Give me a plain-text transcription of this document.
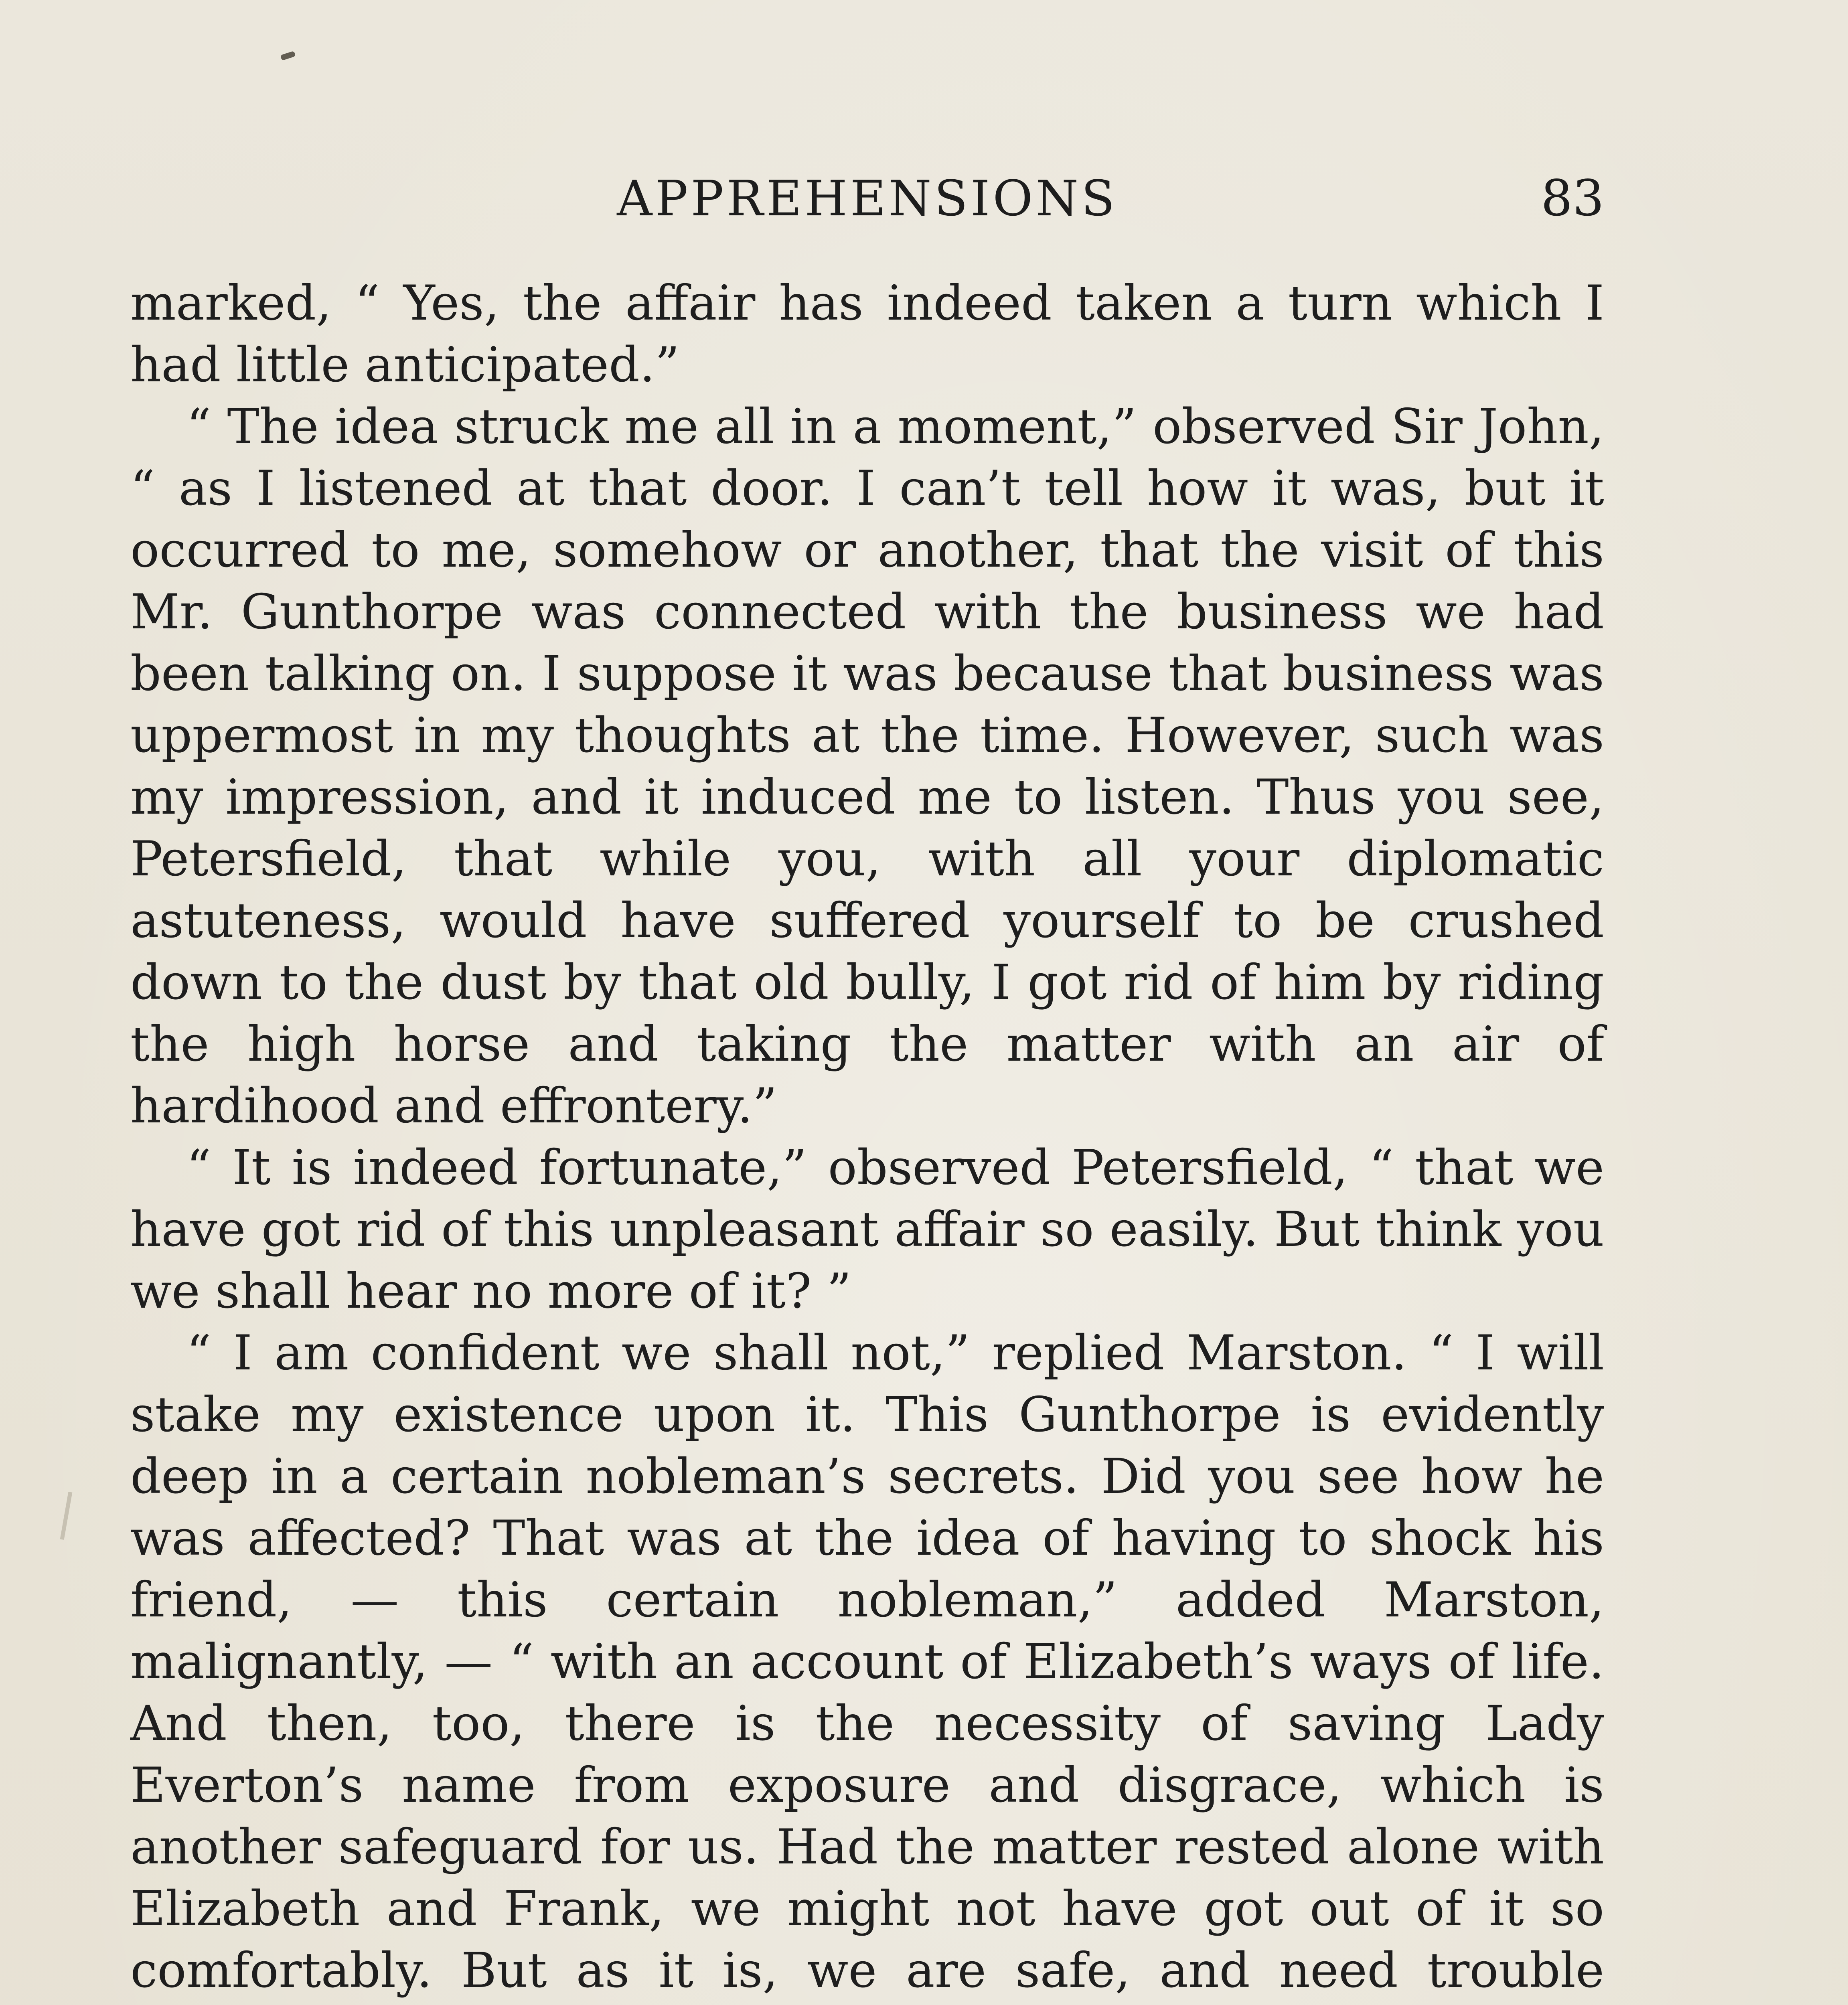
APPREHENSIONS	83

marked, “ Yes, the affair has indeed taken a turn which I had little anticipated.”

“ The idea struck me all in a moment,” observed Sir John, “ as I listened at that door. I can’t tell how it was, but it occurred to me, somehow or another, that the visit of this Mr. Gunthorpe was connected with the business we had been talking on. I suppose it was because that business was uppermost in my thoughts at the time. However, such was my impression, and it induced me to listen. Thus you see, Petersfield, that while you, with all your diplomatic astuteness, would have suffered yourself to be crushed down to the dust by that old bully, I got rid of him by riding the high horse and taking the matter with an air of hardihood and effrontery.”

“ It is indeed fortunate,” observed Petersfield, “ that we have got rid of this unpleasant affair so easily. But think you we shall hear no more of it? ”

“ I am confident we shall not,” replied Marston. “ I will stake my existence upon it. This Gunthorpe is evidently deep in a certain nobleman’s secrets. Did you see how he was affected? That was at the idea of having to shock his friend, — this certain nobleman,” added Marston, malignantly, — “ with an account of Elizabeth’s ways of life. And then, too, there is the necessity of saving Lady Everton’s name from exposure and disgrace, which is another safeguard for us. Had the matter rested alone with Elizabeth and Frank, we might not have got out of it so comfortably. But as it is, we are safe, and need trouble
